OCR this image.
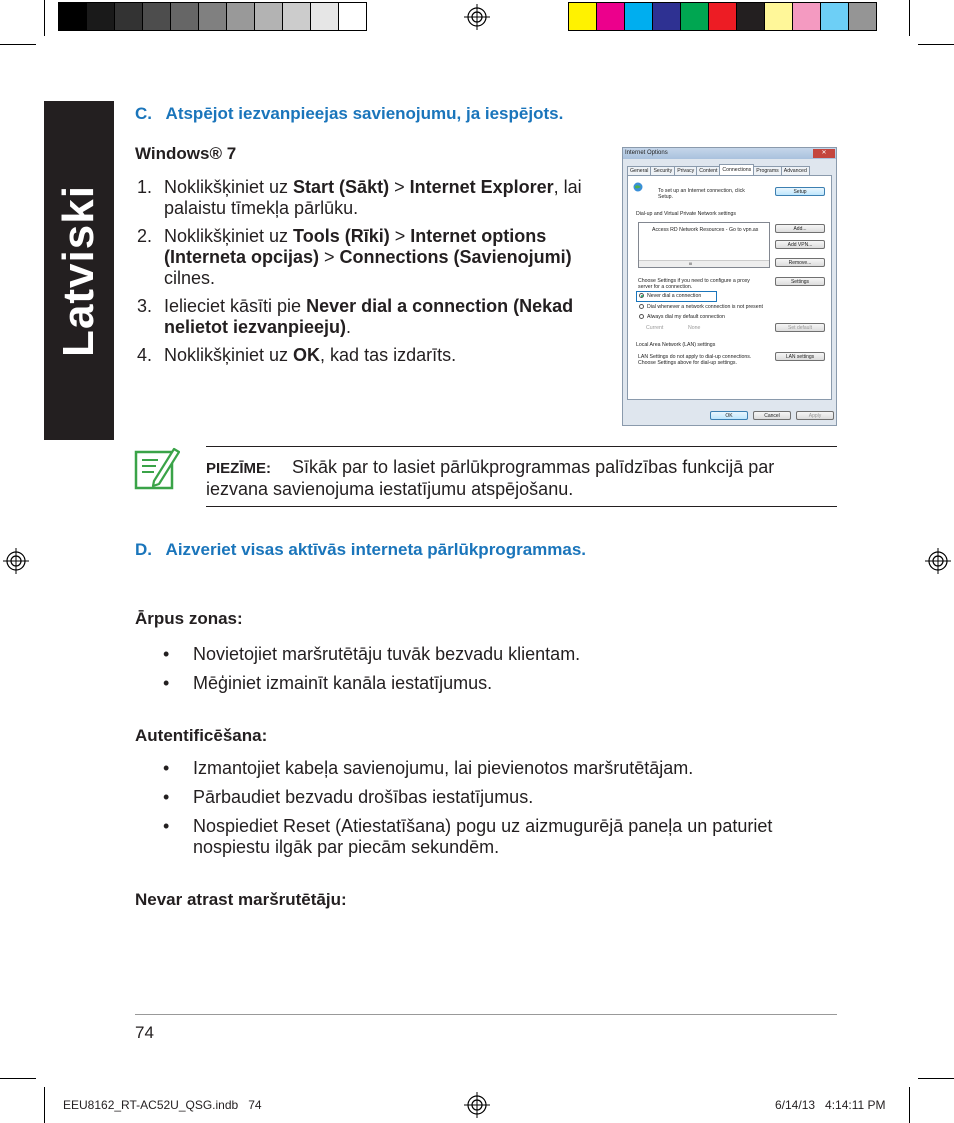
Latviski
C.   Atspējot iezvanpieejas savienojumu, ja iespējots.
Windows® 7
1. Noklikšķiniet uz Start (Sākt) > Internet Explorer, lai palaistu tīmekļa pārlūku.
2. Noklikšķiniet uz Tools (Rīki) > Internet options (Interneta opcijas) > Connections (Savienojumi) cilnes.
3. Ielieciet kāsīti pie Never dial a connection (Nekad nelietot iezvanpieeju).
4. Noklikšķiniet uz OK, kad tas izdarīts.
Internet Options	✕
General Security Privacy Content Connections Programs Advanced
To set up an Internet connection, click
Setup.
Setup
Dial-up and Virtual Private Network settings
Access RD Network Resources - Go to vpn.as
III
Add...
Add VPN...
Remove...
Choose Settings if you need to configure a proxy
server for a connection.
Settings
Never dial a connection
Dial whenever a network connection is not present
Always dial my default connection
Current	None	Set default
Local Area Network (LAN) settings
LAN Settings do not apply to dial-up connections.
Choose Settings above for dial-up settings.
LAN settings
OK	Cancel	Apply
PIEZĪME: Sīkāk par to lasiet pārlūkprogrammas palīdzības funkcijā par iezvana savienojuma iestatījumu atspējošanu.
D.   Aizveriet visas aktīvās interneta pārlūkprogrammas.
Ārpus zonas:
• Novietojiet maršrutētāju tuvāk bezvadu klientam.
• Mēģiniet izmainīt kanāla iestatījumus.
Autentificēšana:
• Izmantojiet kabeļa savienojumu, lai pievienotos maršrutētājam.
• Pārbaudiet bezvadu drošības iestatījumus.
• Nospiediet Reset (Atiestatīšana) pogu uz aizmugurējā paneļa un paturiet nospiestu ilgāk par piecām sekundēm.
Nevar atrast maršrutētāju:
74
EEU8162_RT-AC52U_QSG.indb   74	6/14/13   4:14:11 PM
